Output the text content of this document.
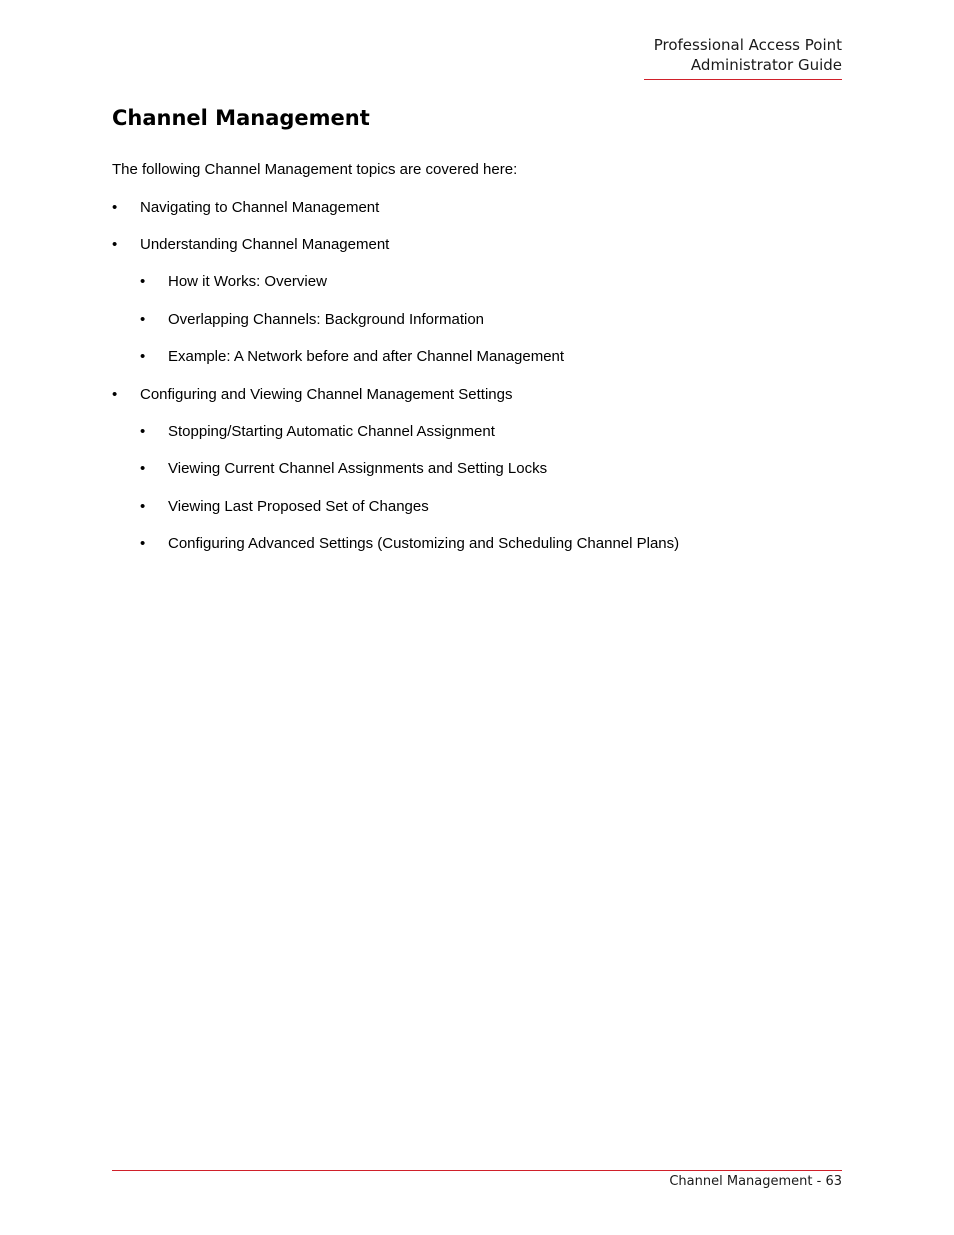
Professional Access Point
Administrator Guide
Channel Management

The following Channel Management topics are covered here:

• Navigating to Channel Management
• Understanding Channel Management
• How it Works: Overview
• Overlapping Channels: Background Information
• Example: A Network before and after Channel Management
• Configuring and Viewing Channel Management Settings
• Stopping/Starting Automatic Channel Assignment
• Viewing Current Channel Assignments and Setting Locks
• Viewing Last Proposed Set of Changes
• Configuring Advanced Settings (Customizing and Scheduling Channel Plans)
Channel Management - 63
